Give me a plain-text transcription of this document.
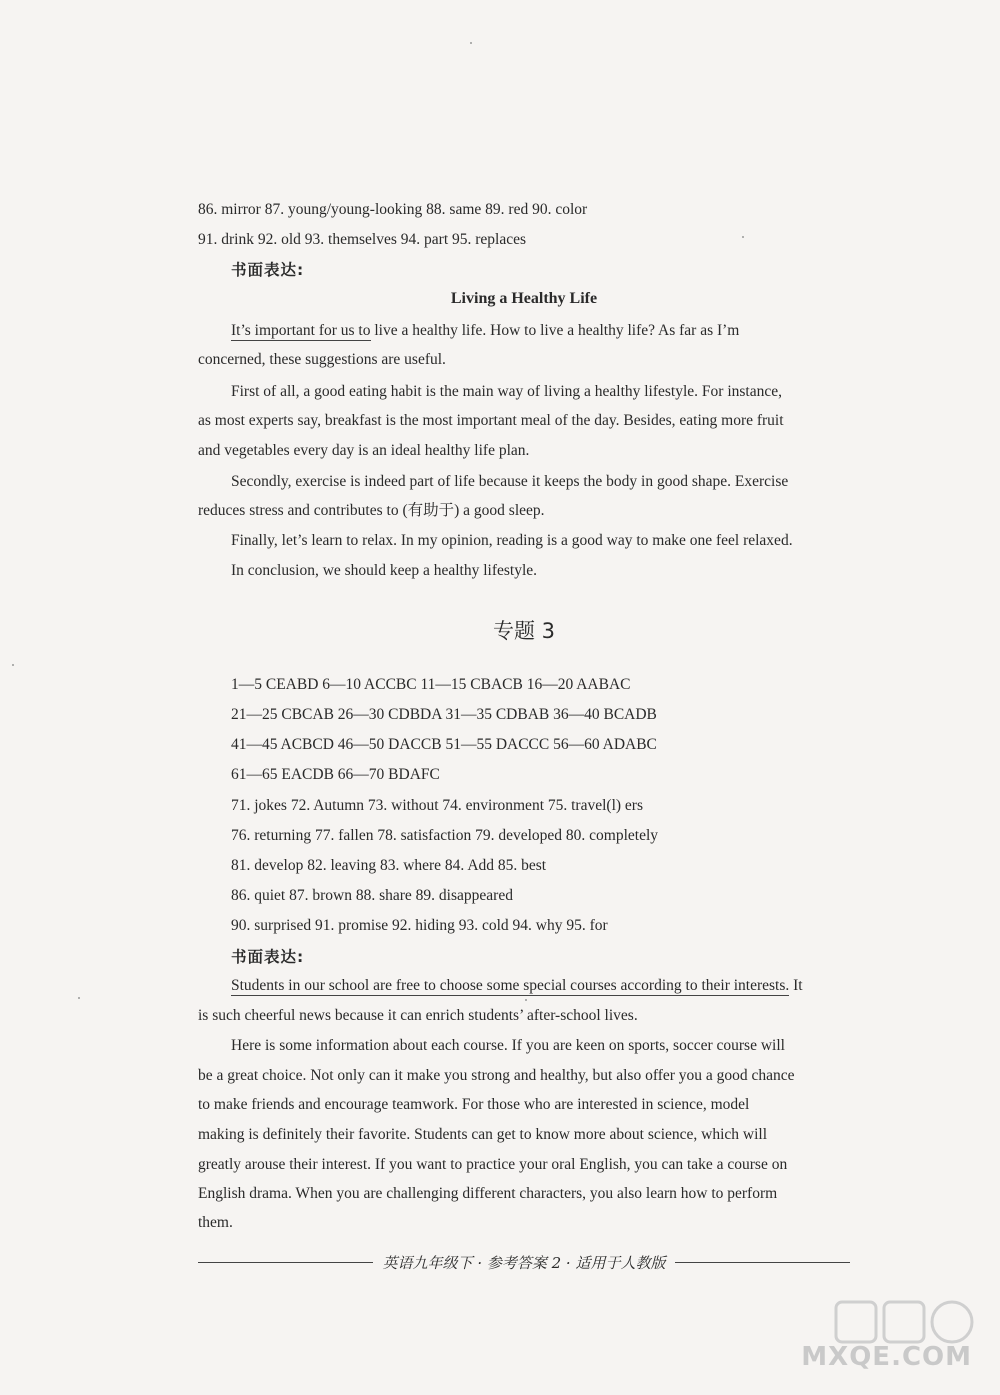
86. mirror 87. young/young-looking 88. same 89. red 90. color
91. drink 92. old 93. themselves 94. part 95. replaces
书面表达:
Living a Healthy Life
It’s important for us to live a healthy life. How to live a healthy life? As far as I’m
concerned, these suggestions are useful.
First of all, a good eating habit is the main way of living a healthy lifestyle. For instance,
as most experts say, breakfast is the most important meal of the day. Besides, eating more fruit
and vegetables every day is an ideal healthy life plan.
Secondly, exercise is indeed part of life because it keeps the body in good shape. Exercise
reduces stress and contributes to (有助于) a good sleep.
Finally, let’s learn to relax. In my opinion, reading is a good way to make one feel relaxed.
In conclusion, we should keep a healthy lifestyle.
专题 3
1—5 CEABD 6—10 ACCBC 11—15 CBACB 16—20 AABAC
21—25 CBCAB 26—30 CDBDA 31—35 CDBAB 36—40 BCADB
41—45 ACBCD 46—50 DACCB 51—55 DACCC 56—60 ADABC
61—65 EACDB 66—70 BDAFC
71. jokes 72. Autumn 73. without 74. environment 75. travel(l) ers
76. returning 77. fallen 78. satisfaction 79. developed 80. completely
81. develop 82. leaving 83. where 84. Add 85. best
86. quiet 87. brown 88. share 89. disappeared
90. surprised 91. promise 92. hiding 93. cold 94. why 95. for
书面表达:
Students in our school are free to choose some special courses according to their interests. It
is such cheerful news because it can enrich students’ after-school lives.
Here is some information about each course. If you are keen on sports, soccer course will
be a great choice. Not only can it make you strong and healthy, but also offer you a good chance
to make friends and encourage teamwork. For those who are interested in science, model
making is definitely their favorite. Students can get to know more about science, which will
greatly arouse their interest. If you want to practice your oral English, you can take a course on
English drama. When you are challenging different characters, you also learn how to perform
them.
英语九年级下 · 参考答案 2 · 适用于人教版
MXQE.COM
